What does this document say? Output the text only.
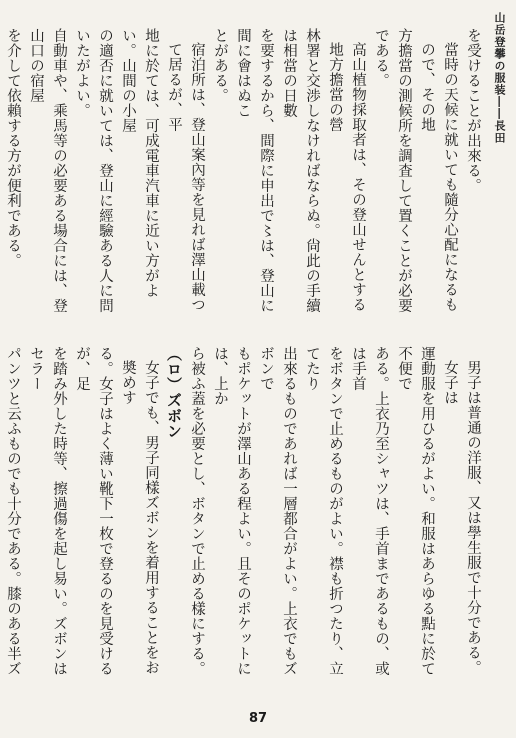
山岳登攀の服装――長田
を受けることが出來る。
當時の天候に就いても隨分心配になるもので、その地
方擔當の測候所を調査して置くことが必要である。
高山植物採取者は、その登山せんとする地方擔當の營
林署と交渉しなければならぬ。尙此の手續は相當の日數
を要するから、間際に申出で〻は、登山に間に會はぬこ
とがある。
宿泊所は、登山案內等を見れば澤山載つて居るが、平
地に於ては、可成電車汽車に近い方がよい。山間の小屋
の適否に就いては、登山に經驗ある人に問いたがよい。
自動車や、乘馬等の必要ある場合には、登山口の宿屋
を介して依賴する方が便利である。
男子は普通の洋服、又は學生服で十分である。女子は
運動服を用ひるがよい。和服はあらゆる點に於て不便で
ある。上衣乃至シャツは、手首まであるもの、或は手首
をボタンで止めるものがよい。襟も折つたり、立てたり
出來るものであれば一層都合がよい。上衣でもズボンで
もポケットが澤山ある程よい。且そのポケットには、上か
ら被ふ蓋を必要とし、ボタンで止める樣にする。
（ロ）ズボン
女子でも、男子同樣ズボンを着用することをお奬めす
る。女子はよく薄い靴下一枚で登るのを見受けるが、足
を踏み外した時等、擦過傷を起し易い。ズボンはセラー
パンツと云ふものでも十分である。膝のある半ズ
87
